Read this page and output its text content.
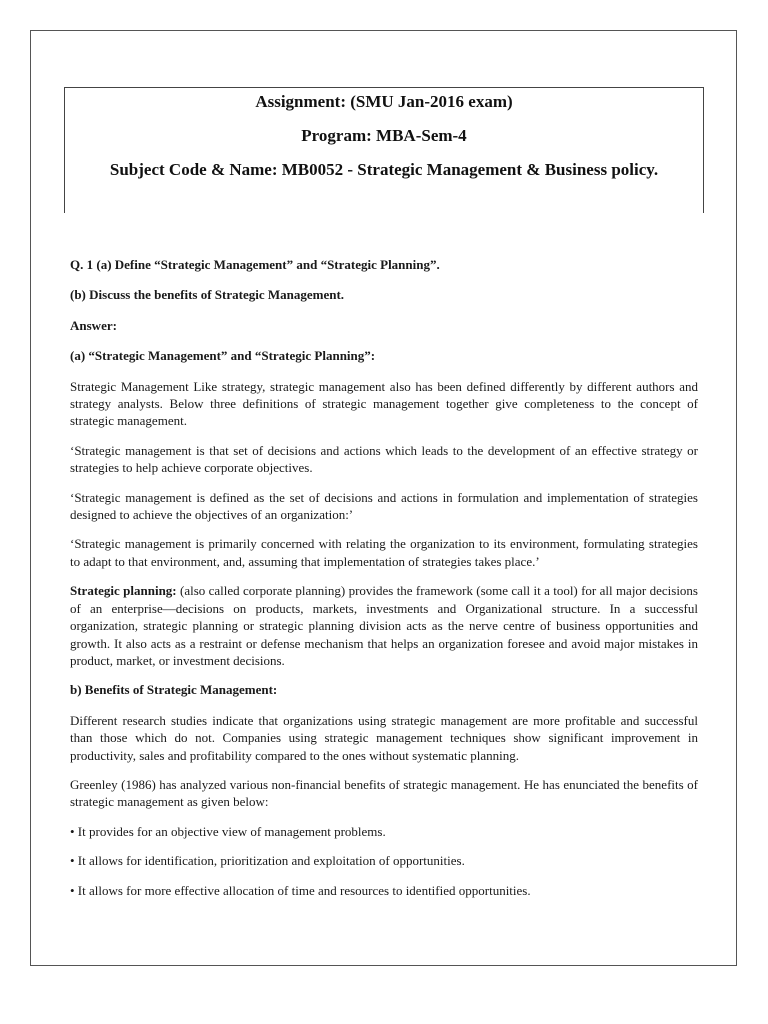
Assignment: (SMU Jan-2016 exam)

Program: MBA-Sem-4

Subject Code & Name: MB0052 - Strategic Management & Business policy.

Q. 1 (a) Define “Strategic Management” and “Strategic Planning”.

(b) Discuss the benefits of Strategic Management.

Answer:

(a) “Strategic Management” and “Strategic Planning”:

Strategic Management Like strategy, strategic management also has been defined differently by different authors and strategy analysts. Below three definitions of strategic management together give completeness to the concept of strategic management.

‘Strategic management is that set of decisions and actions which leads to the development of an effective strategy or strategies to help achieve corporate objectives.

‘Strategic management is defined as the set of decisions and actions in formulation and implementation of strategies designed to achieve the objectives of an organization:’

‘Strategic management is primarily concerned with relating the organization to its environment, formulating strategies to adapt to that environment, and, assuming that implementation of strategies takes place.’

Strategic planning: (also called corporate planning) provides the framework (some call it a tool) for all major decisions of an enterprise—decisions on products, markets, investments and Organizational structure. In a successful organization, strategic planning or strategic planning division acts as the nerve centre of business opportunities and growth. It also acts as a restraint or defense mechanism that helps an organization foresee and avoid major mistakes in product, market, or investment decisions.

b) Benefits of Strategic Management:

Different research studies indicate that organizations using strategic management are more profitable and successful than those which do not. Companies using strategic management techniques show significant improvement in productivity, sales and profitability compared to the ones without systematic planning.

Greenley (1986) has analyzed various non-financial benefits of strategic management. He has enunciated the benefits of strategic management as given below:

• It provides for an objective view of management problems.

• It allows for identification, prioritization and exploitation of opportunities.

• It allows for more effective allocation of time and resources to identified opportunities.
